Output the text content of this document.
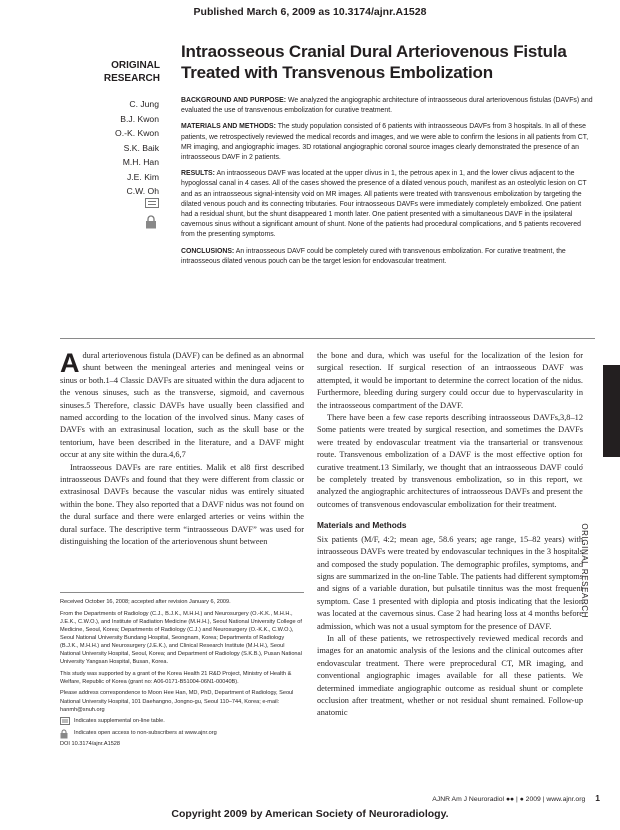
Published March 6, 2009 as 10.3174/ajnr.A1528
ORIGINAL
RESEARCH
Intraosseous Cranial Dural Arteriovenous Fistula Treated with Transvenous Embolization
C. Jung
B.J. Kwon
O.-K. Kwon
S.K. Baik
M.H. Han
J.E. Kim
C.W. Oh

BACKGROUND AND PURPOSE: We analyzed the angiographic architecture of intraosseous dural arteriovenous fistulas (DAVFs) and evaluated the use of transvenous embolization for curative treatment.

MATERIALS AND METHODS: The study population consisted of 6 patients with intraosseous DAVFs from 3 hospitals. In all of these patients, we retrospectively reviewed the medical records and images, and we were able to confirm the lesions in all patients from CT, MR imaging, and angiographic images. 3D rotational angiographic coronal source images clearly demonstrated the presence of an intraosseous DAVF in 2 patients.

RESULTS: An intraosseous DAVF was located at the upper clivus in 1, the petrous apex in 1, and the lower clivus adjacent to the hypoglossal canal in 4 cases. All of the cases showed the presence of a dilated venous pouch, manifest as an osteolytic lesion on CT and as an intraosseous signal-intensity void on MR images. All patients were treated with transvenous embolization by targeting the dilated venous pouch and its connecting tributaries. Four intraosseous DAVFs were immediately completely embolized. One patient had a residual shunt, but the shunt disappeared 1 month later. One patient presented with a simultaneous DAVF in the ipsilateral cavernous sinus without a significant amount of shunt. None of the patients had procedural complications, and 5 patients recovered from the presenting symptoms.

CONCLUSIONS: An intraosseous DAVF could be completely cured with transvenous embolization. For curative treatment, the intraosseous dilated venous pouch can be the target lesion for endovascular treatment.

Adural arteriovenous fistula (DAVF) can be defined as an abnormal shunt between the meningeal arteries and meningeal veins or sinus or both.1–4 Classic DAVFs are situated within the dura adjacent to the venous sinuses, such as the transverse, sigmoid, and cavernous sinuses.5 Therefore, classic DAVFs have usually been classified and named according to the location of the involved sinus. Many cases of DAVFs with an extrasinusal location, such as the skull base or the tentorium, have been described in the literature, and a DAVF might occur at any site within the dura.4,6,7

Intraosseous DAVFs are rare entities. Malik et al8 first described intraosseous DAVFs and found that they were different from classic or extrasinosal DAVFs because the vascular nidus was entirely situated within the bone. They also reported that a DAVF nidus was not found on the dural surface and there were enlarged arteries or veins within the dural surface. The descriptive term “intraosseous DAVF” was used for distinguishing the location of the arteriovenous shunt between

Received October 16, 2008; accepted after revision January 6, 2009.

From the Departments of Radiology (C.J., B.J.K., M.H.H.) and Neurosurgery (O.-K.K., M.H.H., J.E.K., C.W.O.), and Institute of Radiation Medicine (M.H.H.), Seoul National University College of Medicine, Seoul, Korea; Departments of Radiology (C.J.) and Neurosurgery (O.-K.K., C.W.O.), Seoul National University Bundang Hospital, Seongnam, Korea; Departments of Radiology (B.J.K., M.H.H.) and Neurosurgery (J.E.K.), and Clinical Research Institute (M.H.H.), Seoul National University Hospital, Seoul, Korea; and Department of Radiology (S.K.B.), Pusan National University Yangsan Hospital, Busan, Korea.

This study was supported by a grant of the Korea Health 21 R&D Project, Ministry of Health & Welfare, Republic of Korea (grant no: A06-0171-B51004-06N1-00040B).

Please address correspondence to Moon Hee Han, MD, PhD, Department of Radiology, Seoul National University Hospital, 101 Daehangno, Jongno-gu, Seoul 110–744, Korea; e-mail: hanmh@snuh.org

Indicates supplemental on-line table.

Indicates open access to non-subscribers at www.ajnr.org

DOI 10.3174/ajnr.A1528

the bone and dura, which was useful for the localization of the lesion for surgical resection. If surgical resection of an intraosseous DAVF was attempted, it would be important to determine the correct location of the nidus. Furthermore, bleeding during surgery could occur due to hypervascularity in the intraosseous compartment of the DAVF.

There have been a few case reports describing intraosseous DAVFs,3,8–12 Some patients were treated by surgical resection, and sometimes the DAVFs were treated by endovascular treatment via the transarterial or transvenous route. Transvenous embolization of a DAVF is the most effective option for curative treatment.13 Similarly, we thought that an intraosseous DAVF could be completely treated by transvenous embolization, so in this report, we analyzed the angiographic architectures of intraosseous DAVFs and present the outcomes of transvenous endovascular embolization for their treatment.

Materials and Methods

Six patients (M/F, 4:2; mean age, 58.6 years; age range, 15–82 years) with intraosseous DAVFs were treated by endovascular techniques in the 3 hospitals and composed the study population. The demographic profiles, symptoms, and signs are summarized in the on-line Table. The patients had different symptoms and signs of a variable duration, but pulsatile tinnitus was the most frequent symptom. Case 1 presented with diplopia and ptosis indicating that the lesion was located at the cavernous sinus. Case 2 had hearing loss at 4 months before admission, which was not a usual symptom for the presence of DAVF.

In all of these patients, we retrospectively reviewed medical records and images for an anatomic analysis of the lesions and the clinical outcomes after endovascular treatment. There were preprocedural CT, MR imaging, and conventional angiographic images available for all these patients. We determined immediate angiographic outcome as residual shunt or complete occlusion after treatment, whether or not residual shunt remained. Follow-up anatomic

INTERVENTIONAL ORIGINAL RESEARCH
AJNR Am J Neuroradiol ●● | ● 2009 | www.ajnr.org 1
Copyright 2009 by American Society of Neuroradiology.
